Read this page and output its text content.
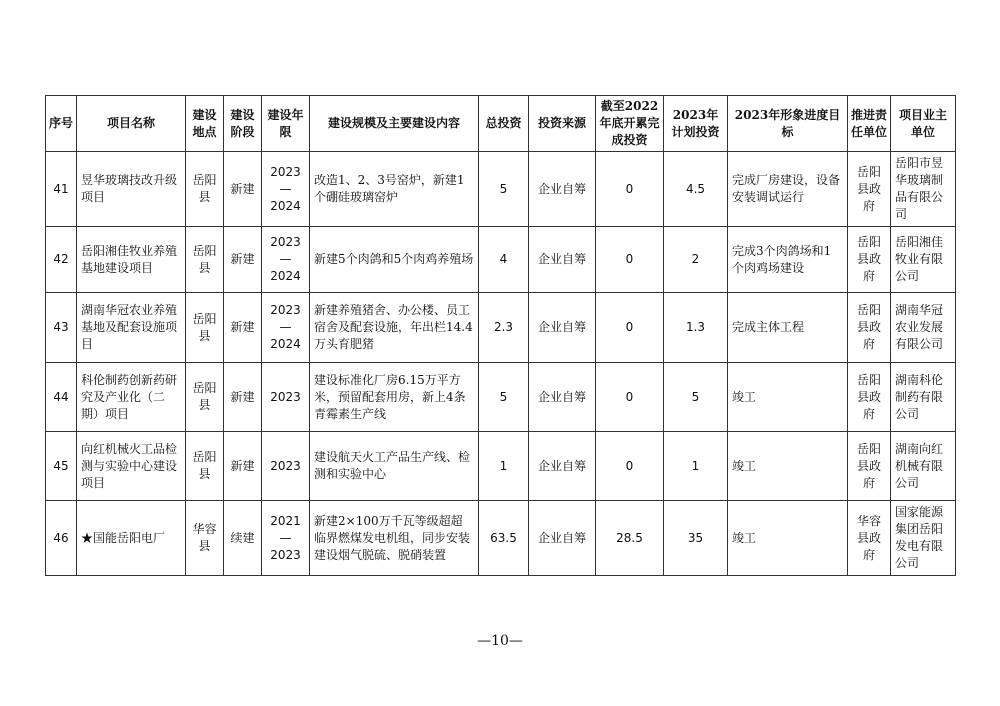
序号	项目名称	建设地点	建设阶段	建设年限	建设规模及主要建设内容	总投资	投资来源	截至2022年底开累完成投资	2023年计划投资	2023年形象进度目标	推进责任单位	项目业主单位
41	昱华玻璃技改升级项目	岳阳县	新建	2023—2024	改造1、2、3号窑炉，新建1个硼硅玻璃窑炉	5	企业自筹	0	4.5	完成厂房建设，设备安装调试运行	岳阳县政府	岳阳市昱华玻璃制品有限公司
42	岳阳湘佳牧业养殖基地建设项目	岳阳县	新建	2023—2024	新建5个肉鸽和5个肉鸡养殖场	4	企业自筹	0	2	完成3个肉鸽场和1个肉鸡场建设	岳阳县政府	岳阳湘佳牧业有限公司
43	湖南华冠农业养殖基地及配套设施项目	岳阳县	新建	2023—2024	新建养殖猪舍、办公楼、员工宿舍及配套设施，年出栏14.4万头育肥猪	2.3	企业自筹	0	1.3	完成主体工程	岳阳县政府	湖南华冠农业发展有限公司
44	科伦制药创新药研究及产业化（二期）项目	岳阳县	新建	2023	建设标准化厂房6.15万平方米，预留配套用房，新上4条青霉素生产线	5	企业自筹	0	5	竣工	岳阳县政府	湖南科伦制药有限公司
45	向红机械火工品检测与实验中心建设项目	岳阳县	新建	2023	建设航天火工产品生产线、检测和实验中心	1	企业自筹	0	1	竣工	岳阳县政府	湖南向红机械有限公司
46	★国能岳阳电厂	华容县	续建	2021—2023	新建2×100万千瓦等级超超临界燃煤发电机组，同步安装建设烟气脱硫、脱硝装置	63.5	企业自筹	28.5	35	竣工	华容县政府	国家能源集团岳阳发电有限公司
—10—
